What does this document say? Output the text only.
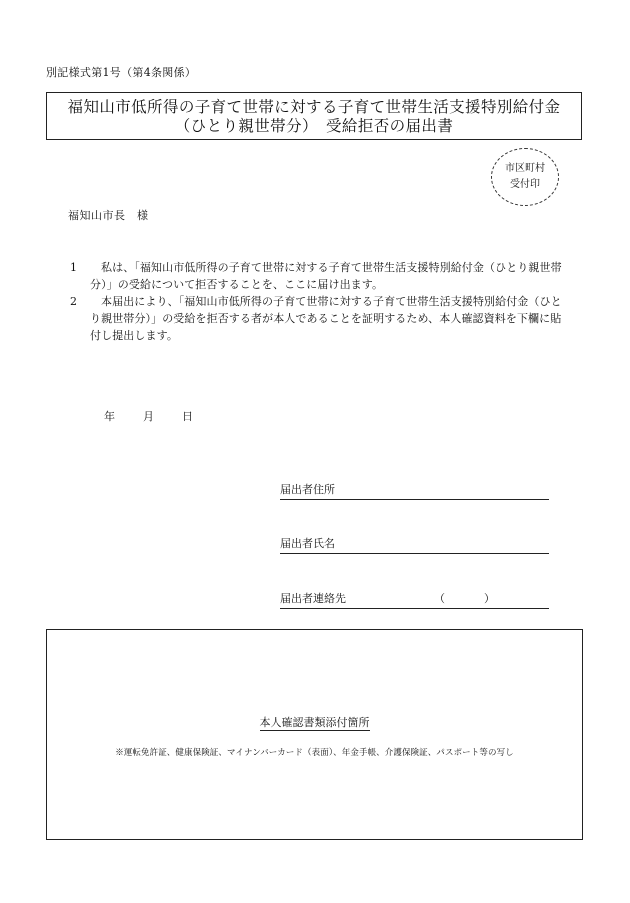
別記様式第1号（第4条関係）
福知山市低所得の子育て世帯に対する子育て世帯生活支援特別給付金
（ひとり親世帯分）　受給拒否の届出書
市区町村
受付印
福知山市長　様
1	私は、「福知山市低所得の子育て世帯に対する子育て世帯生活支援特別給付金（ひとり親世帯分）」の受給について拒否することを、ここに届け出ます。
2	本届出により、「福知山市低所得の子育て世帯に対する子育て世帯生活支援特別給付金（ひとり親世帯分）」の受給を拒否する者が本人であることを証明するため、本人確認資料を下欄に貼付し提出します。
年	月	日
届出者住所
届出者氏名
届出者連絡先	（	）
本人確認書類添付箇所
※運転免許証、健康保険証、マイナンバーカード（表面）、年金手帳、介護保険証、パスポート等の写し
